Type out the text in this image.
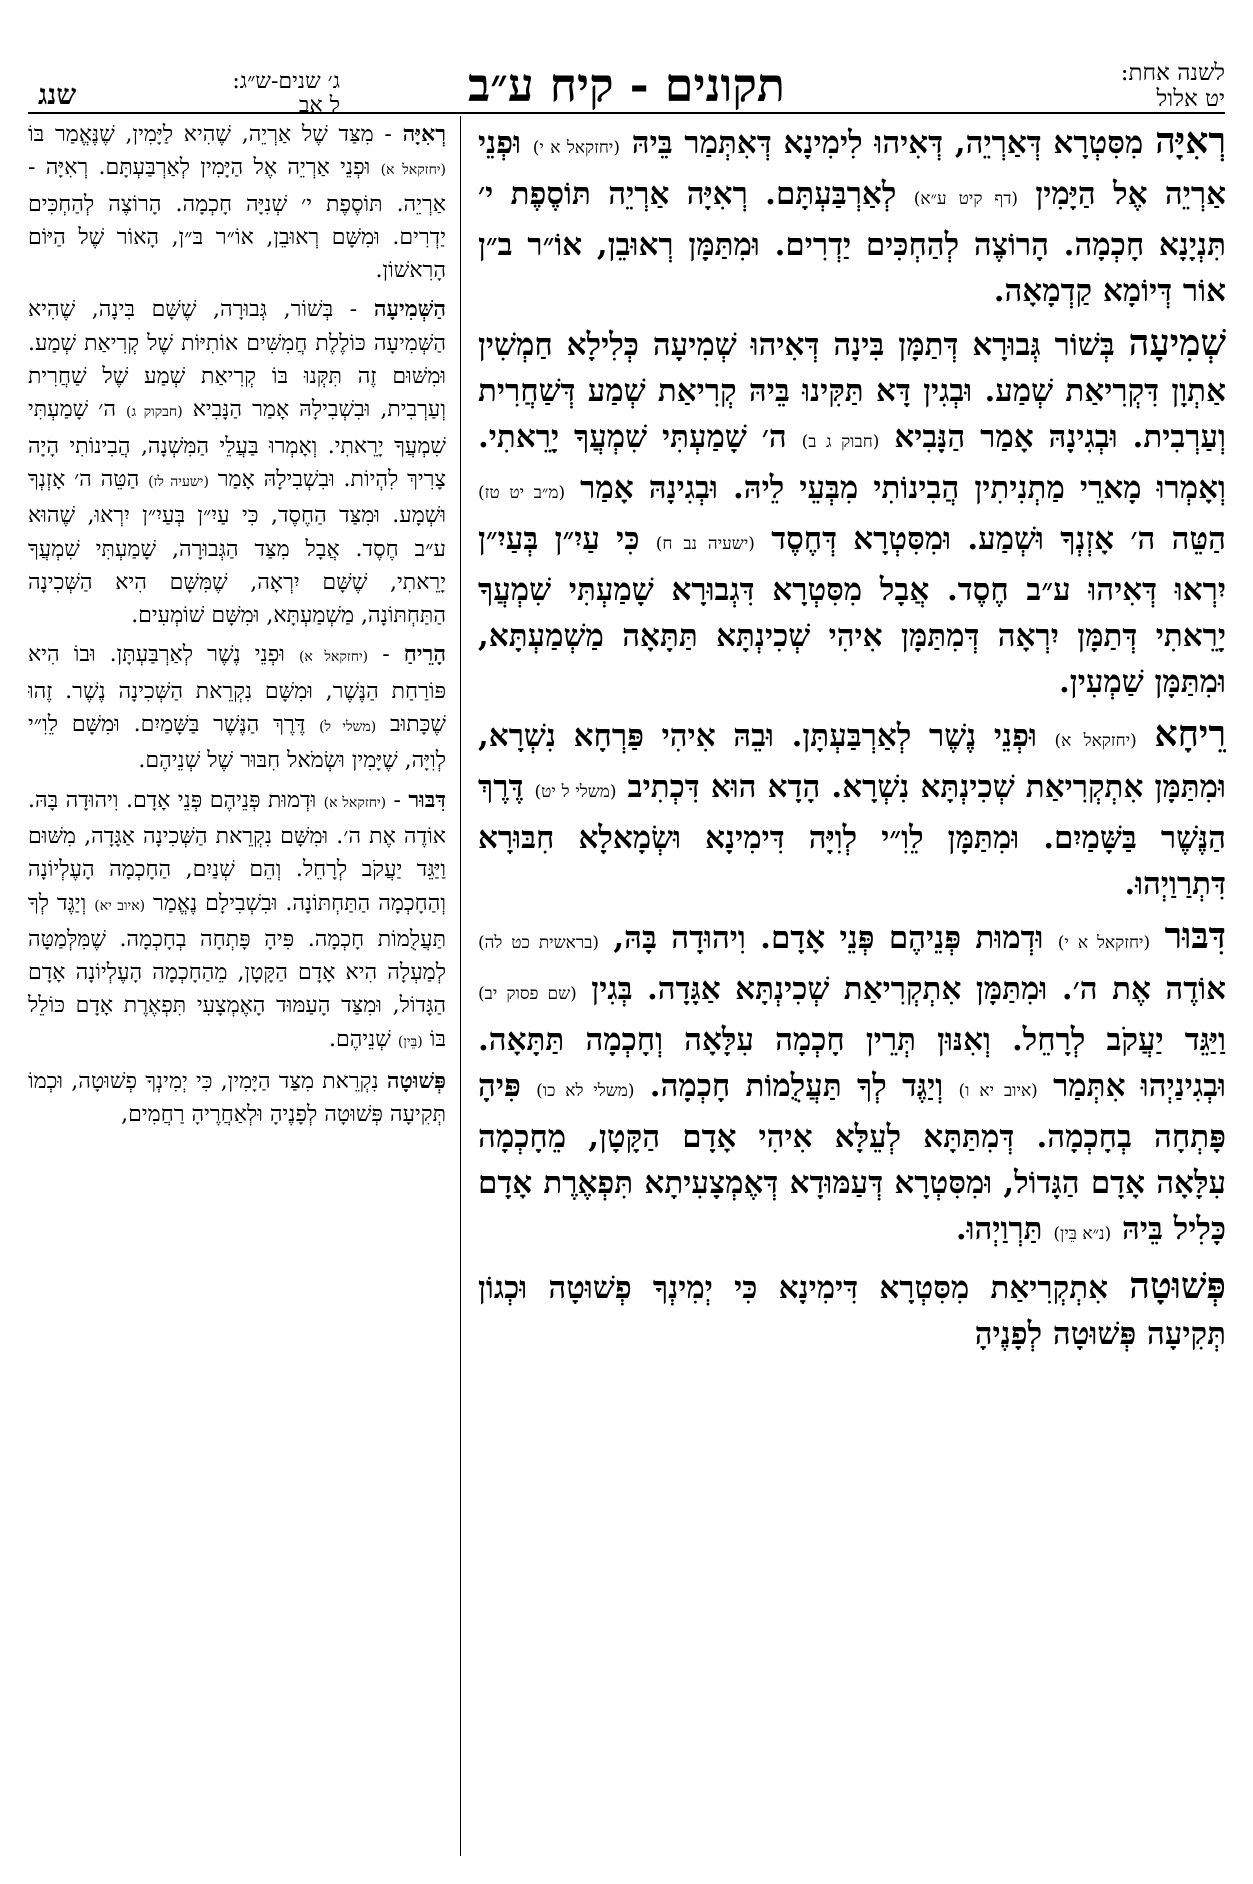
שנג	ג׳ שנים-ש״ג:
ל אב	תקונים - קיח ע״ב	לשנה אחת:
יט אלול

רְאִיָּה מִסִּטְרָא דְּאַרְיֵה, דְּאִיהוּ לִימִינָא דְּאִתְּמַר בֵּיהּ (יחזקאל א י) וּפְנֵי אַרְיֵה אֶל הַיָּמִין (דף קיט ע״א) לְאַרְבַּעְתָּם. רְאִיָּה אַרְיֵה תּוֹסֶפֶת י׳ תִּנְיָנָא חָכְמָה. הָרוֹצֶה לְהַחְכִּים יַדְרִים. וּמִתַּמָּן רְאוּבֵן, אוֹ״ר ב״ן אוֹר דְּיוֹמָא קַדְמָאָה.

שְׁמִיעָה בְּשׁוֹר גְּבוּרָא דְּתַמָּן בִּינָה דְּאִיהוּ שְׁמִיעָה כְּלִילָא חַמְשִׁין אַתְוָן דִּקְרִיאַת שְׁמַע. וּבְגִין דָּא תַּקִּינוּ בֵּיהּ קְרִיאַת שְׁמַע דְּשַׁחֲרִית וְעַרְבִית. וּבְגִינָהּ אָמַר הַנָּבִיא (חבוק ג ב) ה׳ שָׁמַעְתִּי שִׁמְעֲךָ יָרֵאתִי. וְאָמְרוּ מָארֵי מַתְנִיתִין הֲבִינוֹתִי מִבְּעֵי לֵיהּ. וּבְגִינָהּ אָמַר (מ״ב יט טז) הַטֵּה ה׳ אָזְנְךָ וּשְׁמַע. וּמִסִּטְרָא דְּחֶסֶד (ישעיה נב ח) כִּי עַיִ״ן בְּעַיִ״ן יִרְאוּ דְּאִיהוּ ע״ב חֶסֶד. אֲבָל מִסִּטְרָא דִּגְבוּרָא שָׁמַעְתִּי שִׁמְעֲךָ יָרֵאתִי דְּתַמָּן יִרְאָה דְּמִתַּמָּן אִיהִי שְׁכִינְתָּא תַּתָּאָה מַשְׁמַעְתָּא, וּמִתַּמָּן שַׁמְעִין.

רֵיחָא (יחזקאל א) וּפְנֵי נֶשֶׁר לְאַרְבַּעְתָּן. וּבֵהּ אִיהִי פַּרְחָא נִשְׁרָא, וּמִתַּמָּן אִתְקְרִיאַת שְׁכִינְתָּא נִשְׁרָא. הָדָא הוּא דִּכְתִיב (משלי ל יט) דֶּרֶךְ הַנֶּשֶׁר בַּשָּׁמַיִם. וּמִתַּמָּן לֵוִ״י לְוִיָּה דִּימִינָא וּשְׂמָאלָא חִבּוּרָא דִּתְרַוַיְהוּ.

דִּבּוּר (יחזקאל א י) וּדְמוּת פְּנֵיהֶם פְּנֵי אָדָם. וִיהוּדָה בָּהּ, (בראשית כט לה) אוֹדֶה אֶת ה׳. וּמִתַּמָּן אִתְקְרִיאַת שְׁכִינְתָּא אַגָּדָה. בְּגִין (שם פסוק יב) וַיַּגֵּד יַעֲקֹב לְרָחֵל. וְאִנּוּן תְּרֵין חָכְמָה עִלָּאָה וְחָכְמָה תַּתָּאָה. וּבְגִינַיְהוּ אִתְּמַר (איוב יא ו) וְיַגֶּד לְךָ תַּעֲלֻמוֹת חָכְמָה. (משלי לא כו) פִּיהָ פָּתְחָה בְחָכְמָה. דְּמִתַּתָּא לְעֵלָּא אִיהִי אָדָם הַקָּטָן, מֵחָכְמָה עִלָּאָה אָדָם הַגָּדוֹל, וּמִסִּטְרָא דְּעַמּוּדָא דְּאֶמְצָעִיתָא תִּפְאֶרֶת אָדָם כָּלִיל בֵּיהּ (נ״א בֵּין) תַּרְוַיְהוּ.

פְּשׁוּטָה אִתְקְרִיאַת מִסִּטְרָא דִּימִינָא כִּי יְמִינְךָ פְשׁוּטָה וּכְגוֹן תְּקִיעָה פְּשׁוּטָה לְפָנֶיהָ

רְאִיָּה - מִצַּד שֶׁל אַרְיֵה, שֶׁהִיא לַיָּמִין, שֶׁנֶּאֱמַר בּוֹ (יחזקאל א) וּפְנֵי אַרְיֵה אֶל הַיָּמִין לְאַרְבַּעְתָּם. רְאִיָּה - אַרְיֵה. תּוֹסֶפֶת י׳ שְׁנִיָּה חָכְמָה. הָרוֹצֶה לְהַחְכִּים יַדְרִים. וּמִשָּׁם רְאוּבֵן, אוֹ״ר בּ״ן, הָאוֹר שֶׁל הַיּוֹם הָרִאשׁוֹן.

הַשְּׁמִיעָה - בְּשׁוֹר, גְּבוּרָה, שֶׁשָּׁם בִּינָה, שֶׁהִיא הַשְּׁמִיעָה כּוֹלֶלֶת חֲמִשִּׁים אוֹתִיּוֹת שֶׁל קְרִיאַת שְׁמַע. וּמִשּׁוּם זֶה תִּקְּנוּ בּוֹ קְרִיאַת שְׁמַע שֶׁל שַׁחֲרִית וְעַרְבִית, וּבִשְׁבִילָהּ אָמַר הַנָּבִיא (חבקוק ג) ה׳ שָׁמַעְתִּי שִׁמְעֲךָ יָרֵאתִי. וְאָמְרוּ בַּעֲלֵי הַמִּשְׁנָה, הֲבִינוֹתִי הָיָה צָרִיךְ לִהְיוֹת. וּבִשְׁבִילָהּ אָמַר (ישעיה לז) הַטֵּה ה׳ אָזְנְךָ וּשְׁמָע. וּמִצַּד הַחֶסֶד, כִּי עַיִ״ן בְּעַיִ״ן יִרְאוּ, שֶׁהוּא ע״ב חֶסֶד. אֲבָל מִצַּד הַגְּבוּרָה, שָׁמַעְתִּי שִׁמְעֲךָ יָרֵאתִי, שֶׁשָּׁם יִרְאָה, שֶׁמִּשָּׁם הִיא הַשְּׁכִינָה הַתַּחְתּוֹנָה, מַשְׁמַעְתָּא, וּמִשָּׁם שׁוֹמְעִים.

הָרֵיחַ - (יחזקאל א) וּפְנֵי נֶשֶׁר לְאַרְבַּעְתָּן. וּבוֹ הִיא פּוֹרַחַת הַנֶּשֶׁר, וּמִשָּׁם נִקְרֵאת הַשְּׁכִינָה נֶשֶׁר. זֶהוּ שֶׁכָּתוּב (משלי ל) דֶּרֶךְ הַנֶּשֶׁר בַּשָּׁמַיִם. וּמִשָּׁם לֵוִ״י לְוִיָּה, שֶׁיָּמִין וּשְׂמֹאל חִבּוּר שֶׁל שְׁנֵיהֶם.

דִּבּוּר - (יחזקאל א) וּדְמוּת פְּנֵיהֶם פְּנֵי אָדָם. וִיהוּדָה בָּהּ. אוֹדֶה אֶת ה׳. וּמִשָּׁם נִקְרֵאת הַשְּׁכִינָה אַגָּדָה, מִשּׁוּם וַיַּגֵּד יַעֲקֹב לְרָחֵל. וְהֵם שְׁנַיִם, הַחָכְמָה הָעֶלְיוֹנָה וְהַחָכְמָה הַתַּחְתּוֹנָה. וּבִשְׁבִילָם נֶאֱמַר (איוב יא) וְיַגֶּד לְךָ תַּעֲלֻמוֹת חָכְמָה. פִּיהָ פָּתְחָה בְחָכְמָה. שֶׁמִּלְּמַטָּה לְמַעְלָה הִיא אָדָם הַקָּטָן, מֵהַחָכְמָה הָעֶלְיוֹנָה אָדָם הַגָּדוֹל, וּמִצַּד הָעַמּוּד הָאֶמְצָעִי תִּפְאֶרֶת אָדָם כּוֹלֵל בּוֹ (בֵּין) שְׁנֵיהֶם.

פְּשׁוּטָה נִקְרֵאת מִצַּד הַיָּמִין, כִּי יְמִינְךָ פְשׁוּטָה, וּכְמוֹ תְּקִיעָה פְּשׁוּטָה לְפָנֶיהָ וּלְאַחֲרֶיהָ רַחֲמִים,
